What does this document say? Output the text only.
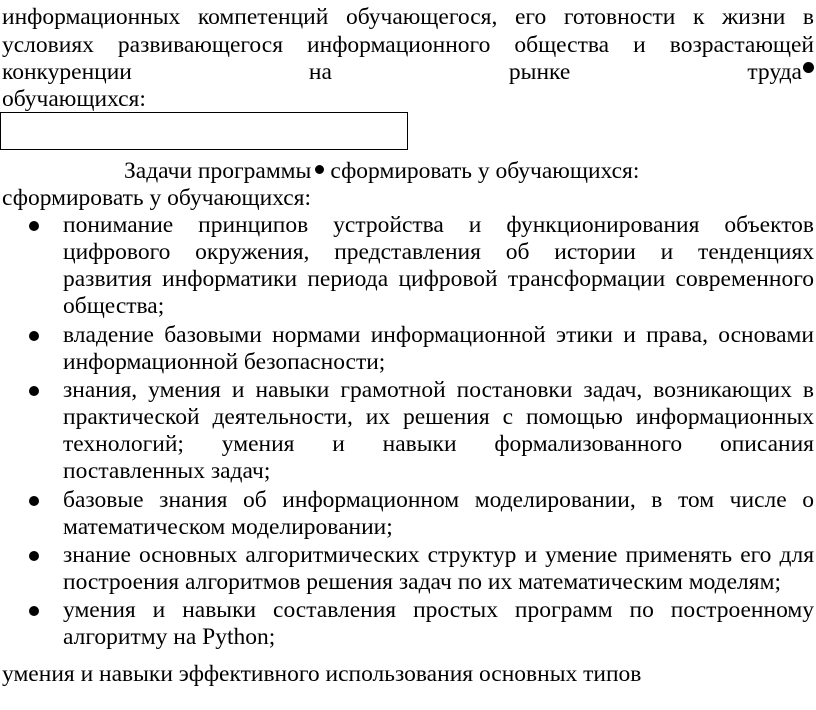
информационных компетенций обучающегося, его готовности к жизни в
условиях развивающегося информационного общества и возрастающей
конкуренции	на	рынке	труда
обучающихся:
Задачи программы сформировать у обучающихся:
сформировать у обучающихся:
понимание принципов устройства и функционирования объектов
цифрового окружения, представления об истории и тенденциях
развития информатики периода цифровой трансформации современного
общества;
владение базовыми нормами информационной этики и права, основами
информационной безопасности;
знания, умения и навыки грамотной постановки задач, возникающих в
практической деятельности, их решения с помощью информационных
технологий; умения и навыки формализованного описания
поставленных задач;
базовые знания об информационном моделировании, в том числе о
математическом моделировании;
знание основных алгоритмических структур и умение применять его для
построения алгоритмов решения задач по их математическим моделям;
умения и навыки составления простых программ по построенному
алгоритму на Python;
умения и навыки эффективного использования основных типов
